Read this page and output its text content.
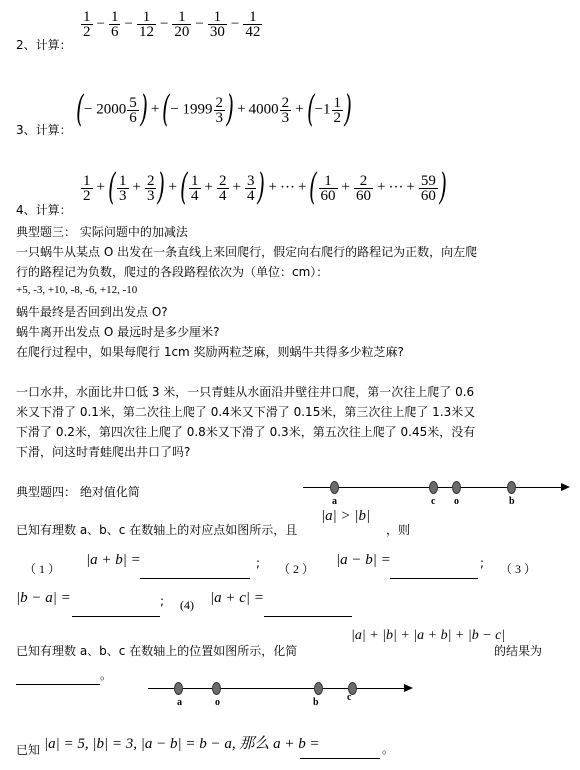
2、计算：
$\frac{1}{2} - \frac{1}{6} - \frac{1}{12} - \frac{1}{20} - \frac{1}{30} - \frac{1}{42}$
3、计算： (− $2000 \frac{5}{6}$ ) +(− $1999 \frac{2}{3}$ ) + $4000 \frac{2}{3} +(-1 \frac{1}{2}$ )
4、计算：
$\frac{1}{2}$ +( $\frac{1}{3} + \frac{2}{3}$ ) +( $\frac{1}{4} + \frac{2}{4} + \frac{3}{4}$ ) + ··· +( $\frac{1}{60} + \frac{2}{60}$ + ··· + $\frac{59}{60}$ )
典型题三： 实际问题中的加减法
一只蜗牛从某点 O 出发在一条直线上来回爬行，假定向右爬行的路程记为正数，向左爬
行的路程记为负数，爬过的各段路程依次为（单位：cm）：
+5, -3, +10, -8, -6, +12, -10
蜗牛最终是否回到出发点 O?
蜗牛离开出发点 O 最远时是多少厘米?
在爬行过程中，如果每爬行 1cm 奖励两粒芝麻，则蜗牛共得多少粒芝麻?
一口水井，水面比井口低 3 米，一只青蛙从水面沿井壁往井口爬，第一次往上爬了 0.6
米又下滑了 0.1米，第二次往上爬了 0.4米又下滑了 0.15米，第三次往上爬了 1.3米又
下滑了 0.2米，第四次往上爬了 0.8米又下滑了 0.3米，第五次往上爬了 0.45米，没有
下滑，问这时青蛙爬出井口了吗?
典型题四： 绝对值化简
a	c o	b
已知有理数 a、b、c 在数轴上的对应点如图所示，且
|a| > |b|
，则
（ 1 ）
|a + b| =	; （ 2 ）
|a − b| =	; （ 3 ）
|b − a| =	; (4) |a + c| =
已知有理数 a、b、c 在数轴上的位置如图所示，化简
|a| + |b| + |a + b| + |b − c|
的结果为
。
a	o	b	c
已知 |a| = 5, |b| = 3, |a − b| = b − a, 那么 a + b =	。
